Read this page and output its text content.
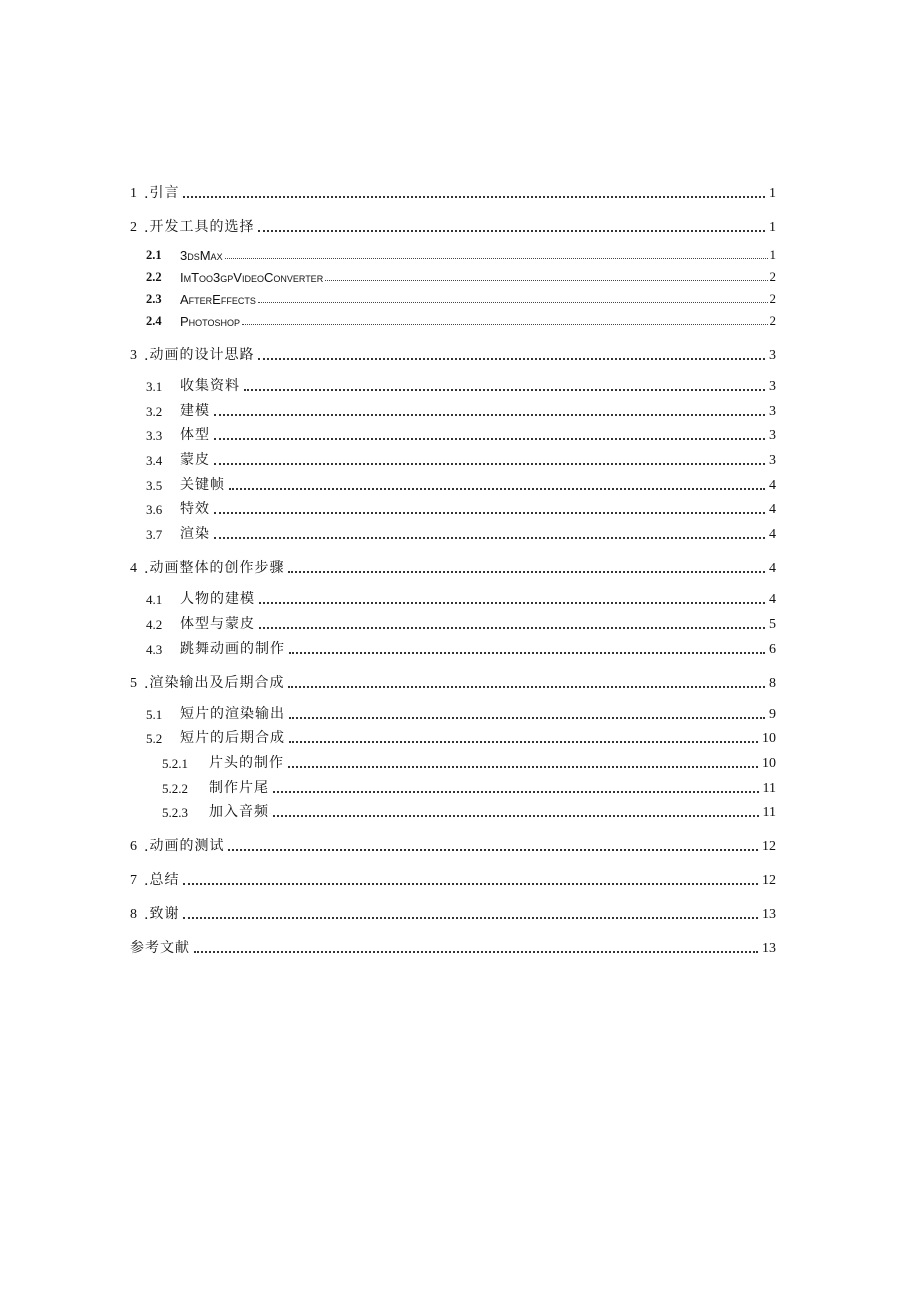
1 . 引言	1
2 . 开发工具的选择	1
2.1	3dsMax	1
2.2	ImToo3gpVideoConverter	2
2.3	AfterEffects	2
2.4	Photoshop	2
3 . 动画的设计思路	3
3.1	收集资料	3
3.2	建模	3
3.3	体型	3
3.4	蒙皮	3
3.5	关键帧	4
3.6	特效	4
3.7	渲染	4
4 . 动画整体的创作步骤	4
4.1	人物的建模	4
4.2	体型与蒙皮	5
4.3	跳舞动画的制作	6
5 . 渲染输出及后期合成	8
5.1	短片的渲染输出	9
5.2	短片的后期合成	10
5.2.1	片头的制作	10
5.2.2	制作片尾	11
5.2.3	加入音频	11
6 . 动画的测试	12
7 . 总结	12
8 . 致谢	13
参考文献	13
